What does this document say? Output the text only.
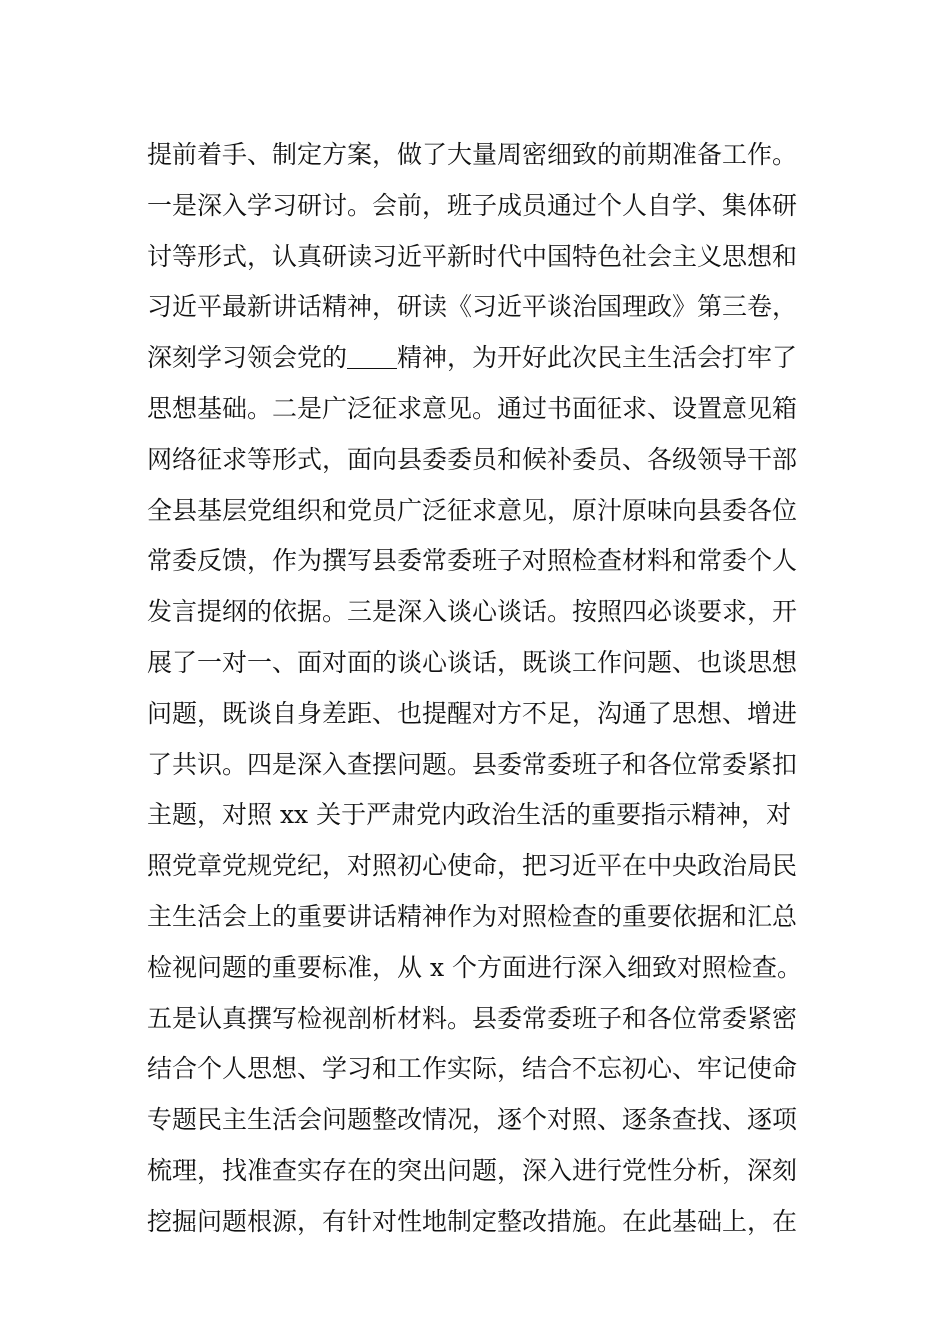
提前着手、制定方案，做了大量周密细致的前期准备工作。
一是深入学习研讨。会前，班子成员通过个人自学、集体研
讨等形式，认真研读习近平新时代中国特色社会主义思想和
习近平最新讲话精神，研读《习近平谈治国理政》第三卷，
深刻学习领会党的＿＿精神，为开好此次民主生活会打牢了
思想基础。二是广泛征求意见。通过书面征求、设置意见箱
网络征求等形式，面向县委委员和候补委员、各级领导干部
全县基层党组织和党员广泛征求意见，原汁原味向县委各位
常委反馈，作为撰写县委常委班子对照检查材料和常委个人
发言提纲的依据。三是深入谈心谈话。按照四必谈要求，开
展了一对一、面对面的谈心谈话，既谈工作问题、也谈思想
问题，既谈自身差距、也提醒对方不足，沟通了思想、增进
了共识。四是深入查摆问题。县委常委班子和各位常委紧扣
主题，对照 xx 关于严肃党内政治生活的重要指示精神，对
照党章党规党纪，对照初心使命，把习近平在中央政治局民
主生活会上的重要讲话精神作为对照检查的重要依据和汇总
检视问题的重要标准，从 x 个方面进行深入细致对照检查。
五是认真撰写检视剖析材料。县委常委班子和各位常委紧密
结合个人思想、学习和工作实际，结合不忘初心、牢记使命
专题民主生活会问题整改情况，逐个对照、逐条查找、逐项
梳理，找准查实存在的突出问题，深入进行党性分析，深刻
挖掘问题根源，有针对性地制定整改措施。在此基础上，在
